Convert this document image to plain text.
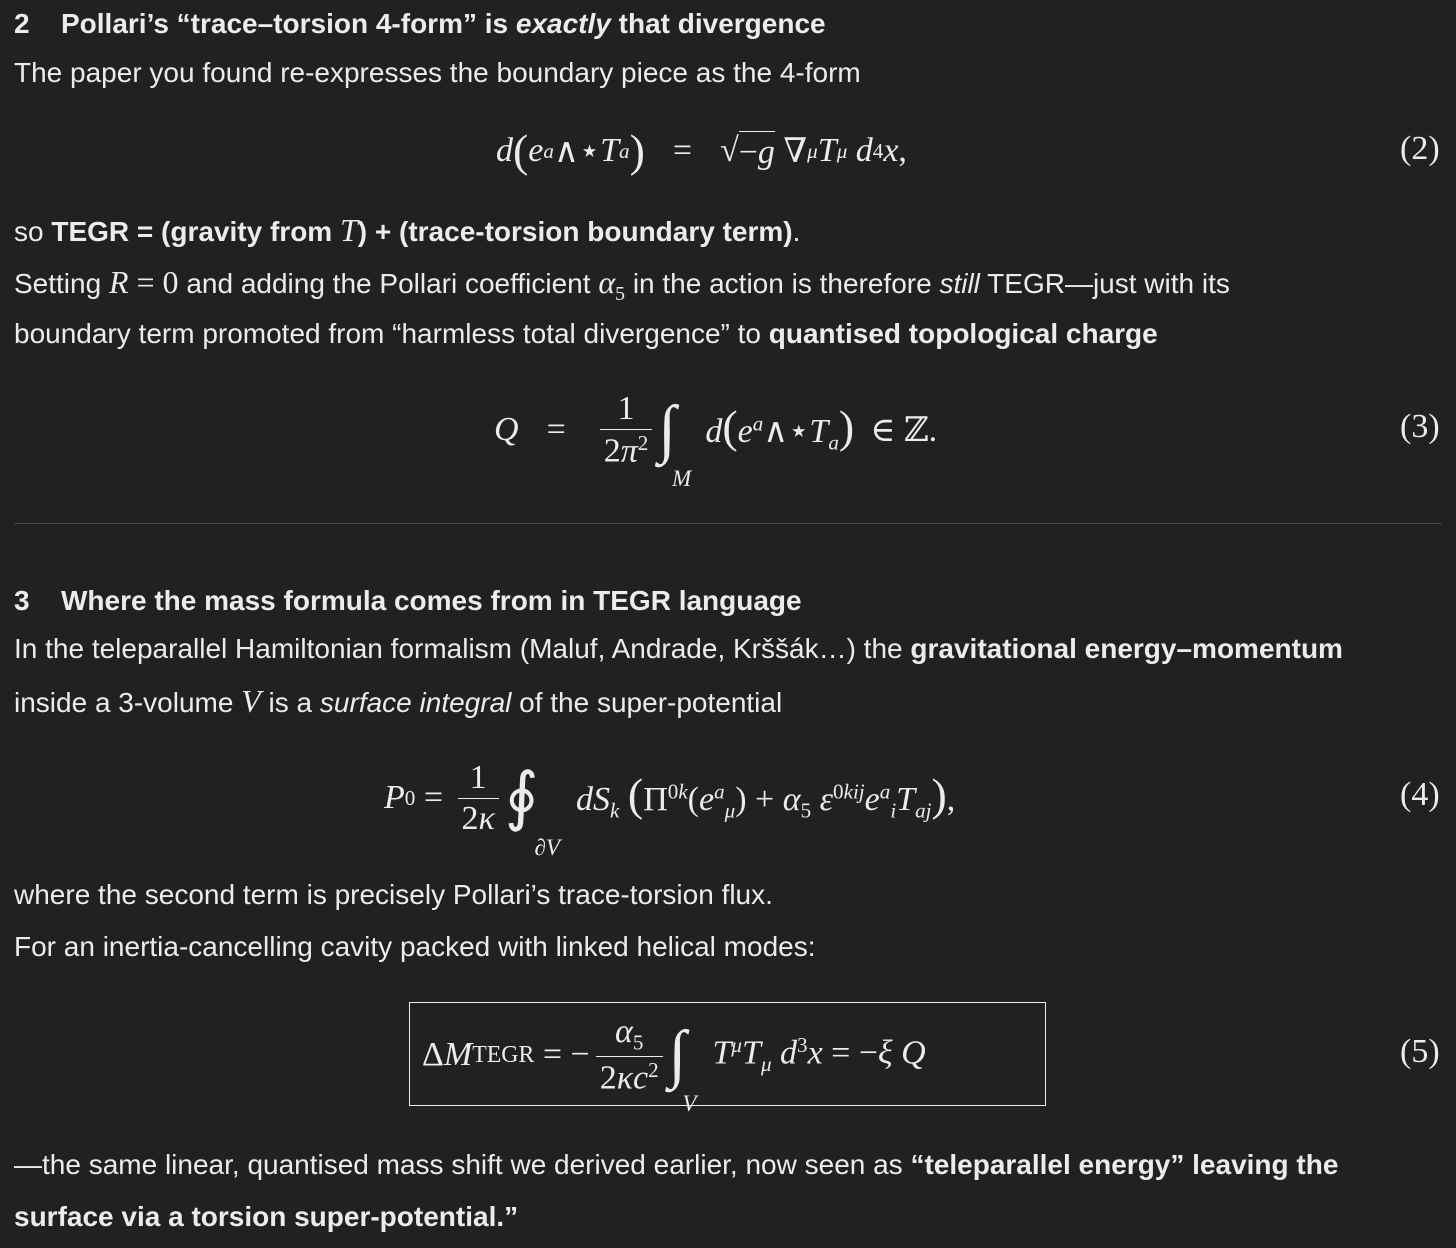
2 Pollari’s “trace–torsion 4-form” is exactly that divergence
The paper you found re-expresses the boundary piece as the 4-form
d ( e a ∧⋆ T a ) = √ −g ∇ μ T μ
d 4 x ,	(2)
so TEGR = (gravity from T) + (trace-torsion boundary term).
Setting R = 0 and adding the Pollari coefficient $\alpha_5$ in the action is therefore still TEGR—just with its
boundary term promoted from “harmless total divergence” to quantised topological charge
$Q = \frac{1}{2\pi^2}$ ∫
M
$d(e^a\wedge⋆T_a)$ ∈ ℤ.	(3)
3 Where the mass formula comes from in TEGR language
In the teleparallel Hamiltonian formalism (Maluf, Andrade, Krššák…) the gravitational energy–momentum
inside a 3-volume V is a surface integral of the super-potential
P $0 = \frac{1}{2\kappa}$ ∮
∂V
$dS_k$ ($\Pi^{0k}(e^a_\mu) + \alpha_5$ $\varepsilon^{0kij}e^a_iT_{aj}$),	(4)
where the second term is precisely Pollari’s trace-torsion flux.
For an inertia-cancelling cavity packed with linked helical modes:
Δ M TEGR = − $\frac{\alpha_5}{2\kappa c^2}$ ∫
V
$T^\mu T_\mu$ $d^3x = -\xi$ Q	(5)
—the same linear, quantised mass shift we derived earlier, now seen as “teleparallel energy” leaving the
surface via a torsion super-potential.”
